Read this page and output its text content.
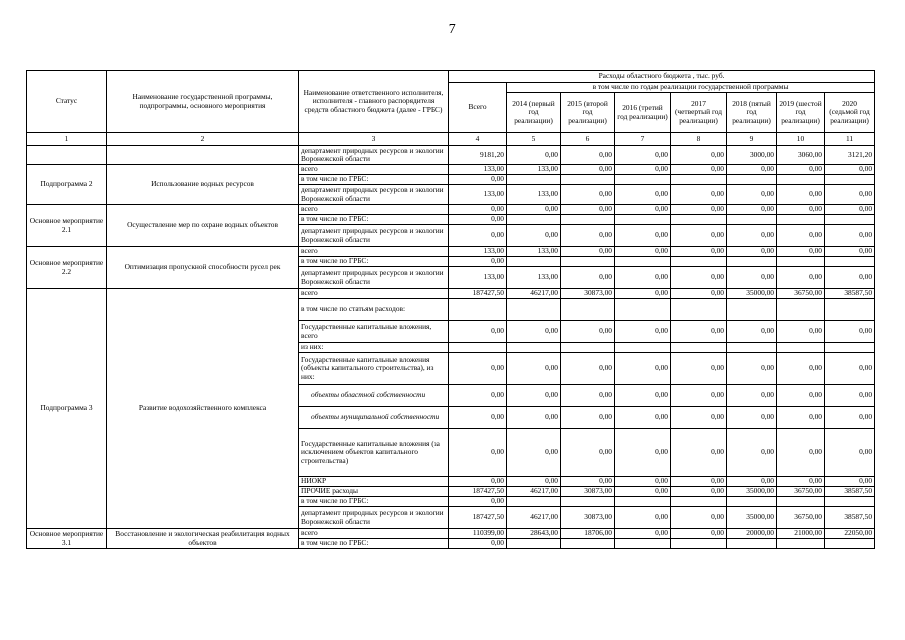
7
Статус	Наименование государственной программы, подпрограммы, основного мероприятия	Наименование ответственного исполнителя, исполнителя - главного распорядителя средств областного бюджета (далее - ГРБС)	Расходы областного бюджета , тыс. руб.							
			Всего	в том числе по годам реализации государственной программы						
				2014 (первый год реализации)	2015 (второй год реализации)	2016 (третий год реализации)	2017 (четвертый год реализации)	2018 (пятый год реализации)	2019 (шестой год реализации)	2020 (седьмой год реализации)
1	2	3	4	5	6	7	8	9	10	11
		департамент природных ресурсов и экологии Воронежской области	9181,20	0,00	0,00	0,00	0,00	3000,00	3060,00	3121,20
Подпрограмма 2	Использование водных ресурсов	всего	133,00	133,00	0,00	0,00	0,00	0,00	0,00	0,00
		в том числе по ГРБС:	0,00							
		департамент природных ресурсов и экологии Воронежской области	133,00	133,00	0,00	0,00	0,00	0,00	0,00	0,00
Основное мероприятие 2.1	Осуществление мер по охране водных объектов	всего	0,00	0,00	0,00	0,00	0,00	0,00	0,00	0,00
		в том числе по ГРБС:	0,00							
		департамент природных ресурсов и экологии Воронежской области	0,00	0,00	0,00	0,00	0,00	0,00	0,00	0,00
Основное мероприятие 2.2	Оптимизация пропускной способности русел рек	всего	133,00	133,00	0,00	0,00	0,00	0,00	0,00	0,00
		в том числе по ГРБС:	0,00							
		департамент природных ресурсов и экологии Воронежской области	133,00	133,00	0,00	0,00	0,00	0,00	0,00	0,00
Подпрограмма 3	Развитие водохозяйственного комплекса	всего	187427,50	46217,00	30873,00	0,00	0,00	35000,00	36750,00	38587,50
		в том числе по статьям расходов:								
		Государственные капитальные вложения, всего	0,00	0,00	0,00	0,00	0,00	0,00	0,00	0,00
		из них:								
		Государственные капитальные вложения (объекты капитального строительства), из них:	0,00	0,00	0,00	0,00	0,00	0,00	0,00	0,00
		объекты областной собственности	0,00	0,00	0,00	0,00	0,00	0,00	0,00	0,00
		объекты муниципальной собственности	0,00	0,00	0,00	0,00	0,00	0,00	0,00	0,00
		Государственные капитальные вложения (за исключением объектов капитального строительства)	0,00	0,00	0,00	0,00	0,00	0,00	0,00	0,00
		НИОКР	0,00	0,00	0,00	0,00	0,00	0,00	0,00	0,00
		ПРОЧИЕ расходы	187427,50	46217,00	30873,00	0,00	0,00	35000,00	36750,00	38587,50
		в том числе по ГРБС:	0,00							
		департамент природных ресурсов и экологии Воронежской области	187427,50	46217,00	30873,00	0,00	0,00	35000,00	36750,00	38587,50
Основное мероприятие 3.1	Восстановление и экологическая реабилитация водных объектов	всего	110399,00	28643,00	18706,00	0,00	0,00	20000,00	21000,00	22050,00
		в том числе по ГРБС:	0,00							
